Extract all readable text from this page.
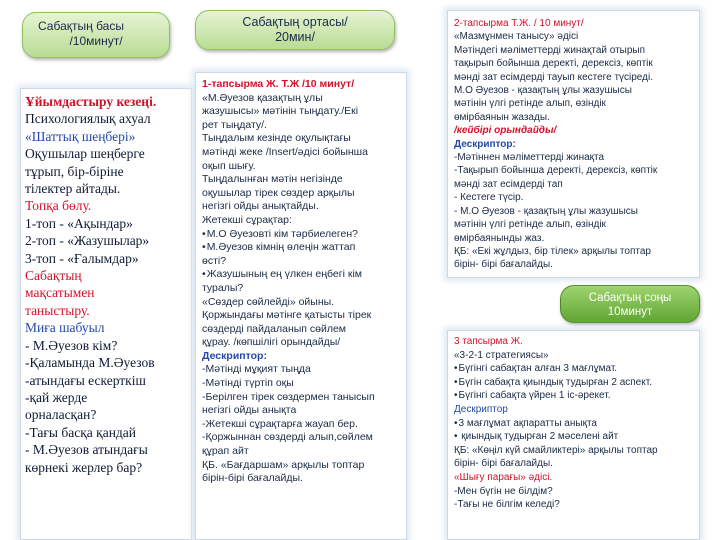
Сабақтың басы
/10минут/
Сабақтың ортасы/
20мин/
Сабақтың соңы
10минут
Ұйымдастыру кезеңі.
Психологиялық ахуал
«Шаттық шеңбері»
Оқушылар шеңберге
тұрып, бір-біріне
тілектер айтады.
Топқа бөлу.
1-топ - «Ақындар»
2-топ - «Жазушылар»
3-топ - «Ғалымдар»
Сабақтың
мақсатымен
таныстыру.
Миға шабуыл
- М.Әуезов кім?
-Қаламында М.Әуезов
-атындағы ескерткіш
-қай жерде
орналасқан?
-Тағы басқа қандай
- М.Әуезов атындағы
көрнекі жерлер бар?
1-тапсырма Ж. Т.Ж /10 минут/
«М.Әуезов қазақтың ұлы
жазушысы» мәтінін тыңдату./Екі
рет тыңдату/.
Тыңдалым кезінде оқулықтағы
мәтінді жеке /Insert/әдісі бойынша
оқып шығу.
Тыңдалынған мәтін негізінде
оқушылар тірек сөздер арқылы
негізгі ойды анықтайды.
Жетекші сұрақтар:
• М.О Әуезовті кім тәрбиелеген?
• М.Әуезов кімнің өлеңін жаттап
өсті?
• Жазушының ең үлкен еңбегі кім
туралы?
«Сөздер сөйлейді» ойыны.
Қоржындағы мәтінге қатысты тірек
сөздерді пайдаланып сөйлем
құрау. /көпшілігі орындайды/
Дескриптор:
-Мәтінді мұқият тыңда
-Мәтінді түртіп оқы
-Берілген тірек сөздермен танысып
негізгі ойды анықта
-Жетекші сұрақтарға жауап бер.
-Қоржыннан сөздерді алып,сөйлем
құрап айт
ҚБ. «Бағдаршам» арқылы топтар
бірін-бірі бағалайды.
2-тапсырма Т.Ж. / 10 минут/
«Мазмұнмен танысу» әдісі
Мәтіндегі мәліметтерді жинақтай отырып
тақырып бойынша деректі, дерексіз, көптік
мәнді зат есімдерді тауып кестеге түсіреді.
М.О Әуезов - қазақтың ұлы жазушысы
мәтінін үлгі ретінде алып, өзіндік
өмірбаянын жазады.
/кейбірі орындайды/
Дескриптор:
-Мәтіннен мәліметтерді жинақта
-Тақырып бойынша деректі, дерексіз, көптік
мәнді зат есімдерді тап
- Кестеге түсір.
- М.О Әуезов - қазақтың ұлы жазушысы
мәтінін үлгі ретінде алып, өзіндік
өмірбаянынды жаз.
ҚБ: «Екі жұлдыз, бір тілек» арқылы топтар
бірін- бірі бағалайды.
3 тапсырма Ж.
«3-2-1 стратегиясы»
• Бүгінгі сабақтан алған 3 мағлұмат.
• Бүгін сабақта қиындық тудырған 2 аспект.
• Бүгінгі сабақта үйрен 1 іс-әрекет.
Дескриптор
• 3 мағлұмат ақпаратты анықта
• қиындық тудырған 2 мәселені айт
ҚБ: «Көңіл күй смайликтері» арқылы топтар
бірін- бірі бағалайды.
«Шығу парағы» әдісі.
-Мен бүгін не білдім?
-Тағы не білгім келеді?
